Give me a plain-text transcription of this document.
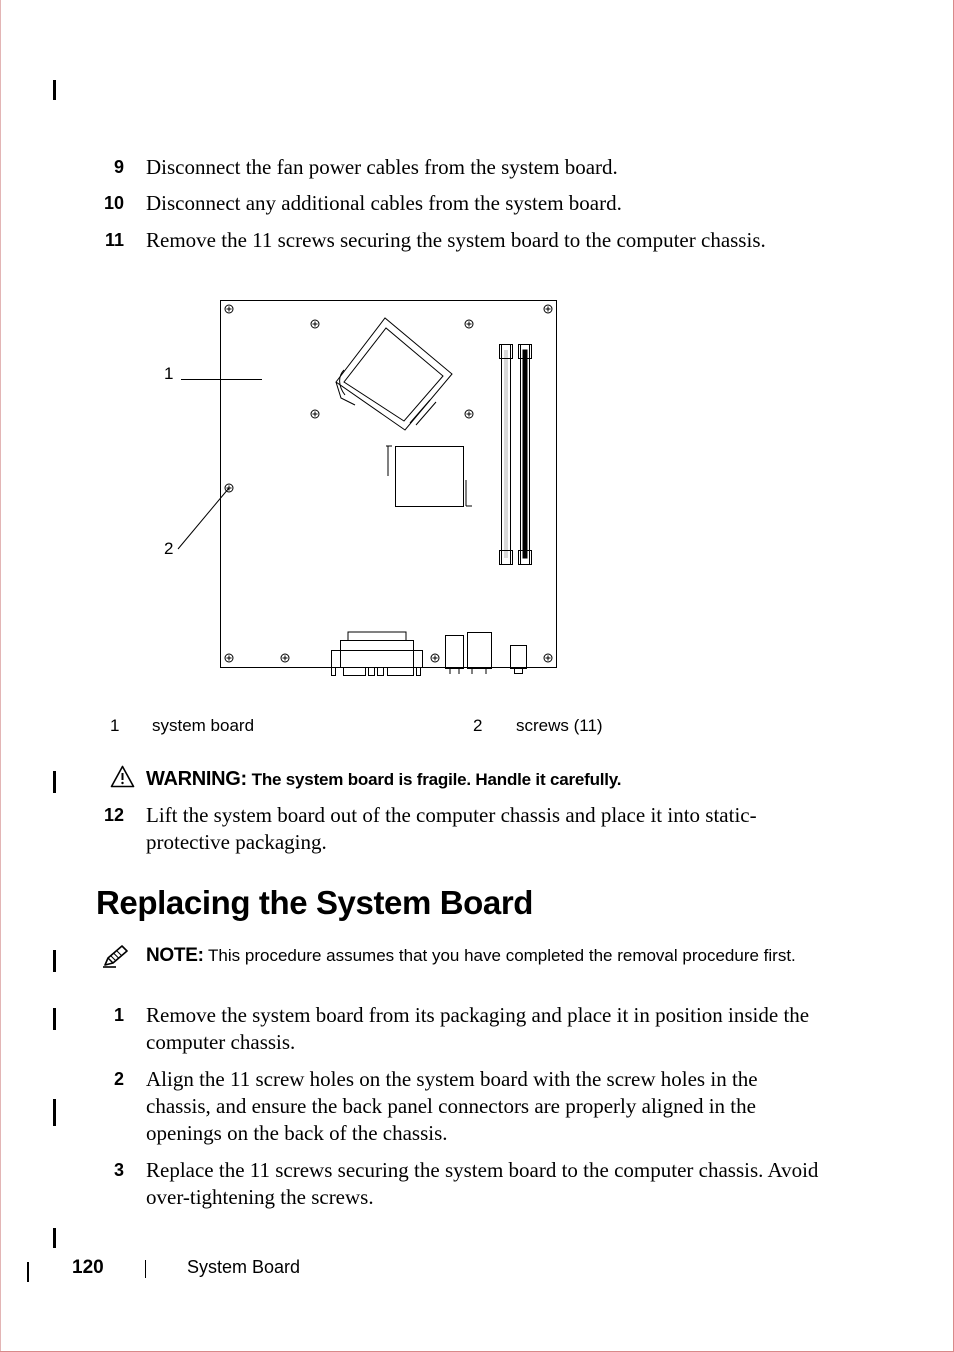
9 Disconnect the fan power cables from the system board.
10 Disconnect any additional cables from the system board.
11 Remove the 11 screws securing the system board to the computer chassis.
1
2
1 system board	2 screws (11)
WARNING: The system board is fragile. Handle it carefully.
12 Lift the system board out of the computer chassis and place it into static-protective packaging.
Replacing the System Board
NOTE: This procedure assumes that you have completed the removal procedure first.
1 Remove the system board from its packaging and place it in position inside the computer chassis.
2 Align the 11 screw holes on the system board with the screw holes in the chassis, and ensure the back panel connectors are properly aligned in the openings on the back of the chassis.
3 Replace the 11 screws securing the system board to the computer chassis. Avoid over-tightening the screws.
120	System Board
